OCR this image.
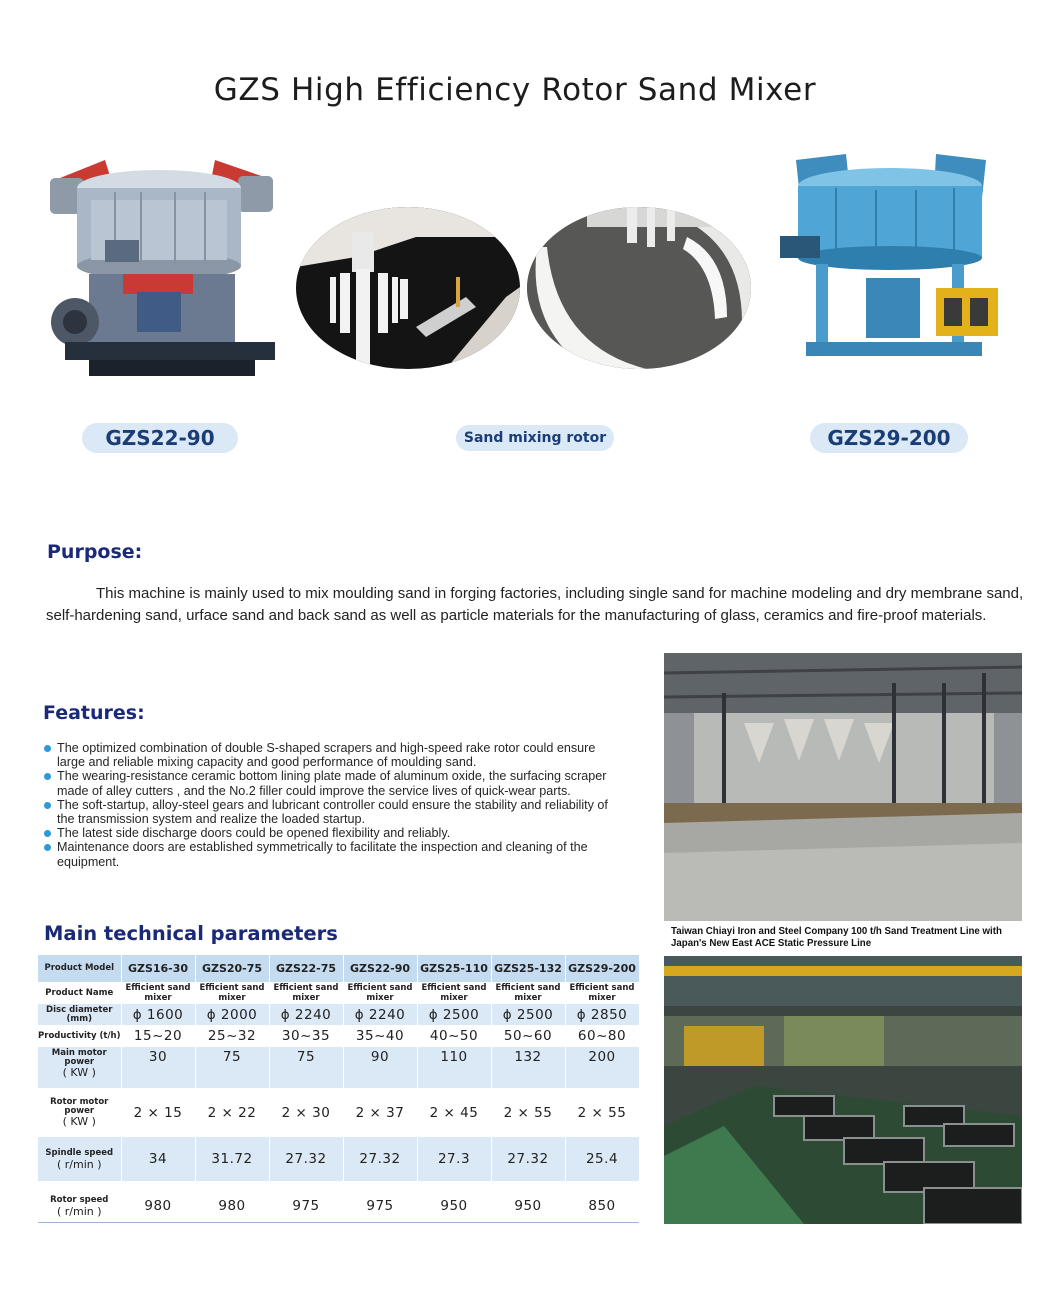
GZS High Efficiency Rotor Sand Mixer
GZS22-90	Sand mixing rotor	GZS29-200
Purpose:
This machine is mainly used to mix moulding sand in forging factories, including single sand for machine modeling and dry membrane sand, self-hardening sand, urface sand and back sand as well as particle materials for the manufacturing of glass, ceramics and fire-proof materials.
Features:
The optimized combination of double S-shaped scrapers and high-speed rake rotor could ensure large and reliable mixing capacity and good performance of moulding sand.
The wearing-resistance ceramic bottom lining plate made of aluminum oxide, the surfacing scraper made of alley cutters , and the No.2 filler could improve the service lives of quick-wear parts.
The soft-startup, alloy-steel gears and lubricant controller could ensure the stability and reliability of the transmission system and realize the loaded startup.
The latest side discharge doors could be opened flexibility and reliably.
Maintenance doors are established symmetrically to facilitate the inspection and cleaning of the equipment.
Taiwan Chiayi Iron and Steel Company 100 t/h Sand Treatment Line with Japan's New East ACE Static Pressure Line
Main technical parameters
Product Model	GZS16-30	GZS20-75	GZS22-75	GZS22-90	GZS25-110	GZS25-132	GZS29-200
Product Name	Efficient sand mixer	Efficient sand mixer	Efficient sand mixer	Efficient sand mixer	Efficient sand mixer	Efficient sand mixer	Efficient sand mixer
Disc diameter (mm)	ϕ 1600	ϕ 2000	ϕ 2240	ϕ 2240	ϕ 2500	ϕ 2500	ϕ 2850
Productivity (t/h)	15~20	25~32	30~35	35~40	40~50	50~60	60~80
Main motor power
( KW )	30	75	75	90	110	132	200
Rotor motor power
( KW )	2 × 15	2 × 22	2 × 30	2 × 37	2 × 45	2 × 55	2 × 55
Spindle speed
( r/min )	34	31.72	27.32	27.32	27.3	27.32	25.4
Rotor speed
( r/min )	980	980	975	975	950	950	850
